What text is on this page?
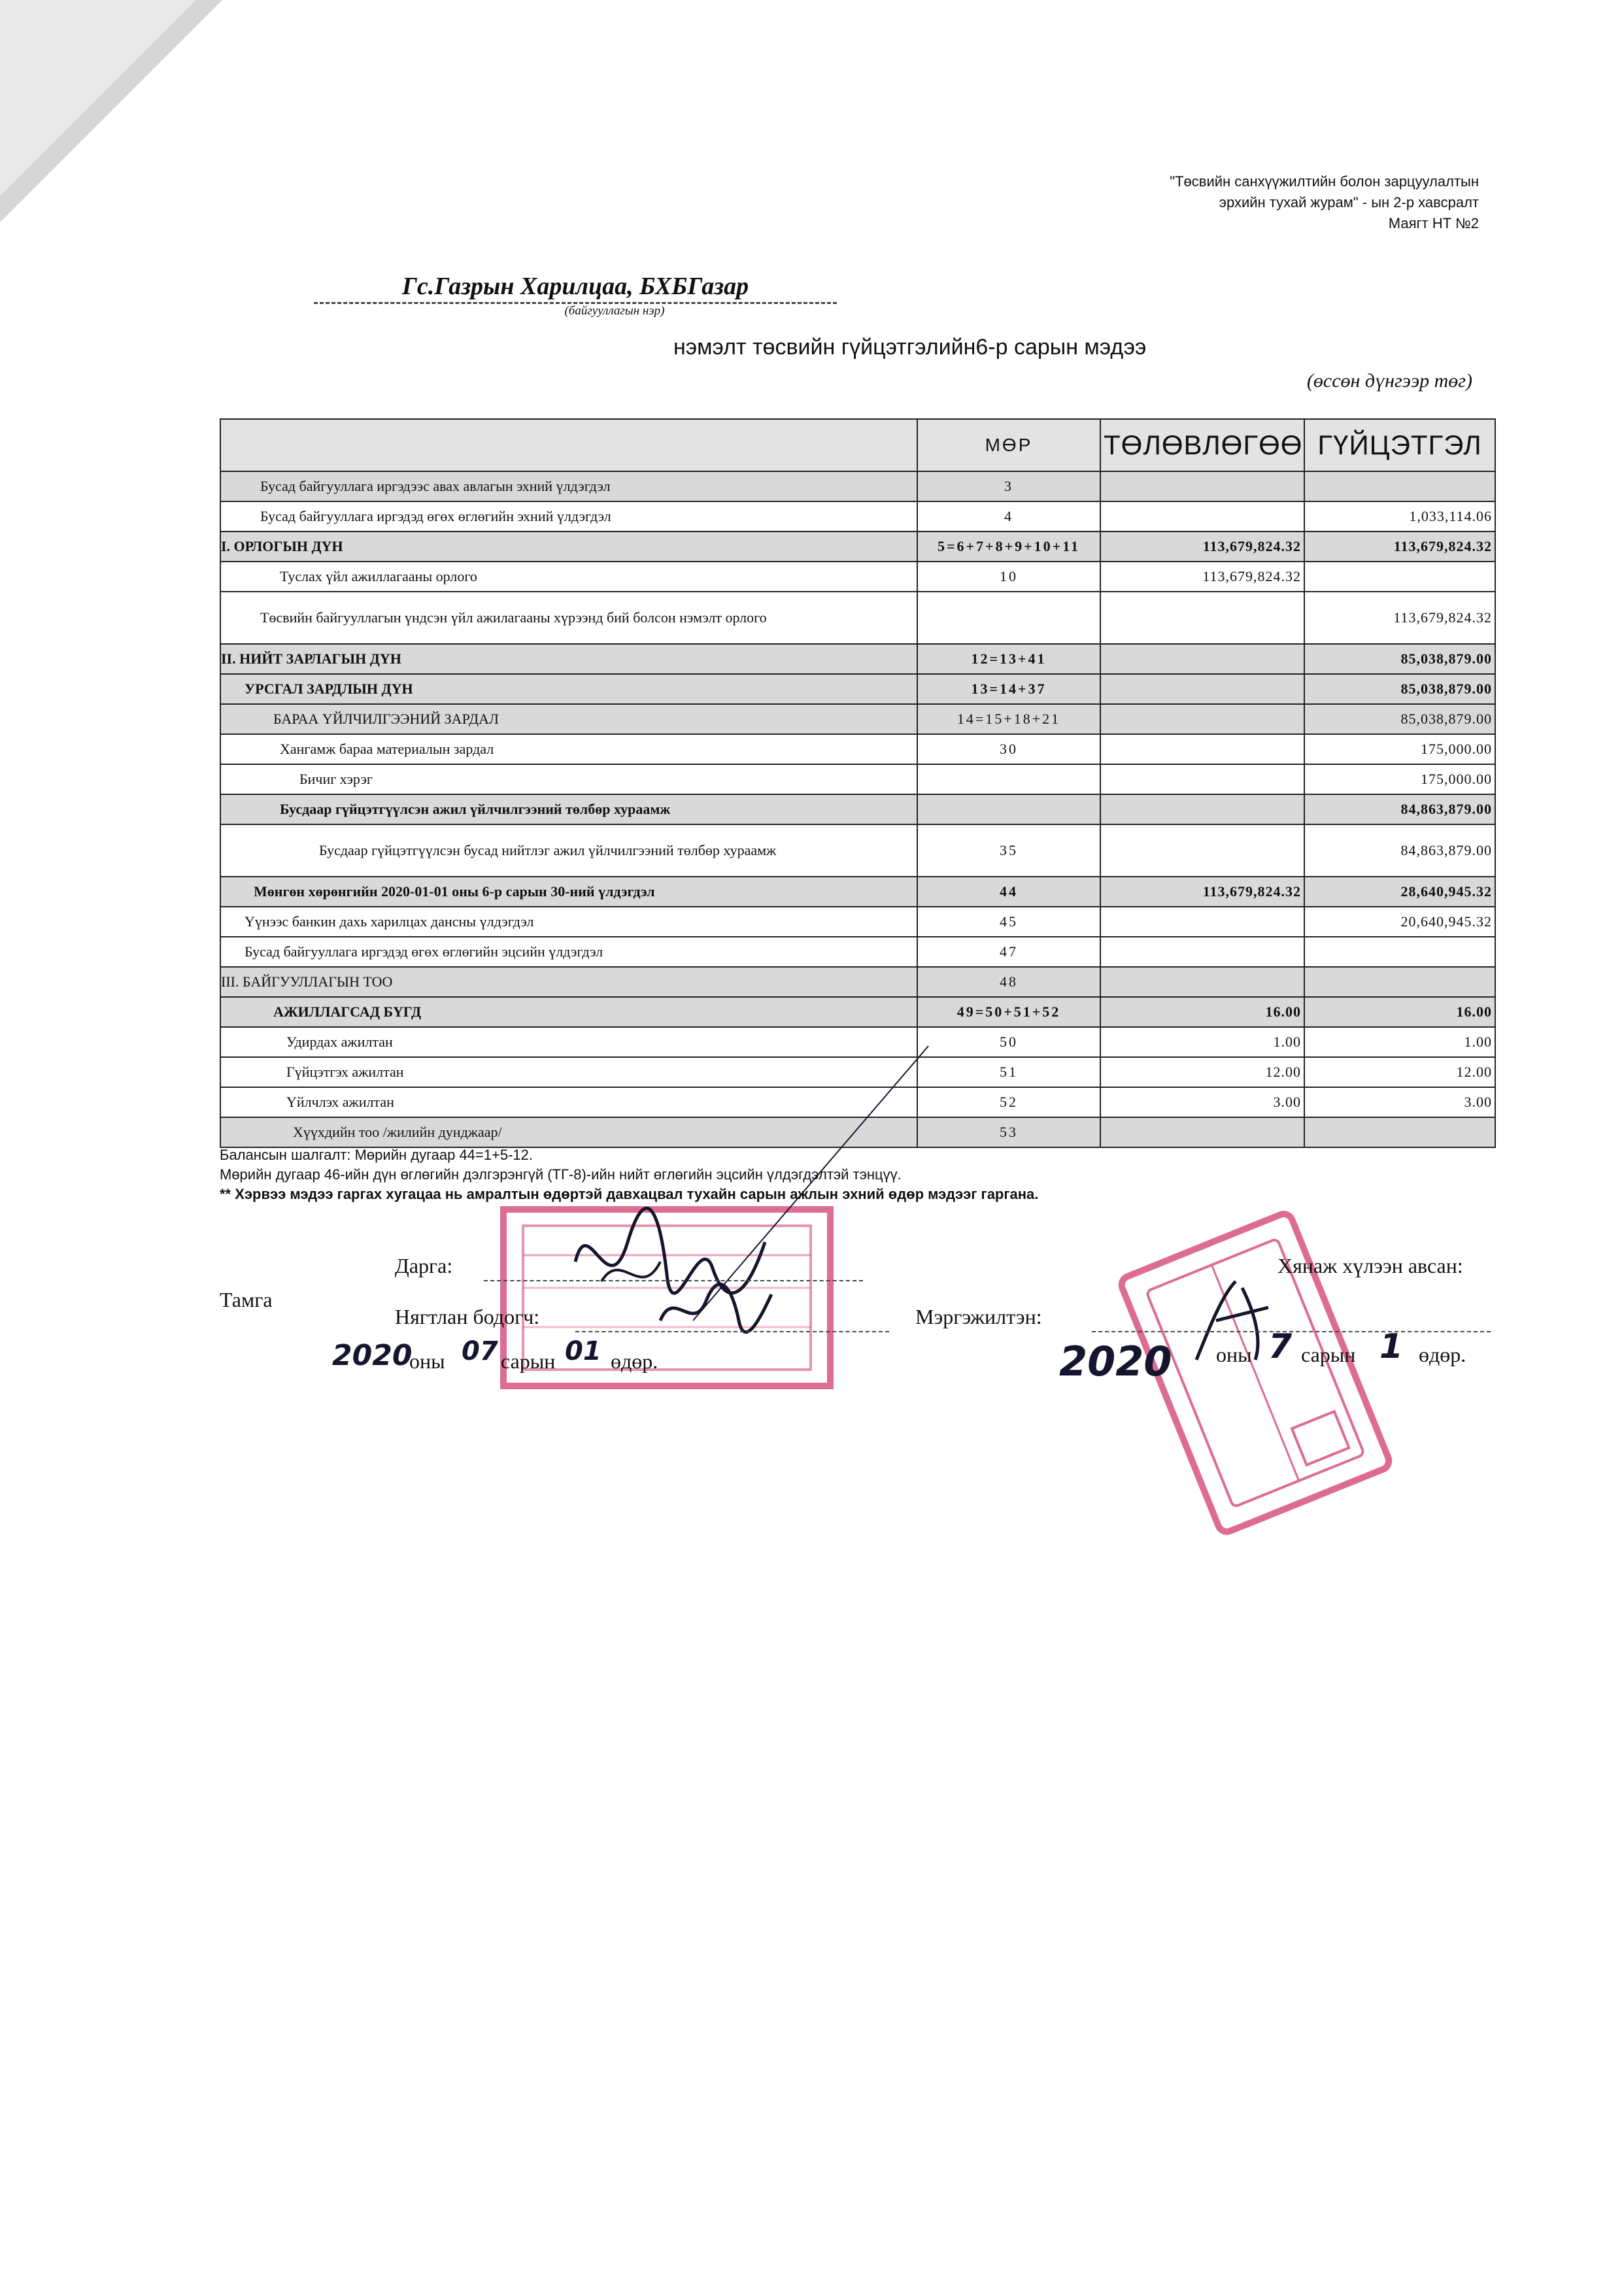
"Төсвийн санхүүжилтийн болон зарцуулалтын
эрхийн тухай журам" - ын 2-р хавсралт
Маягт НТ №2
Гс.Газрын Харилцаа, БХБГазар
(байгууллагын нэр)
нэмэлт төсвийн гүйцэтгэлийн6-р сарын мэдээ
(өссөн дүнгээр төг)
	МӨР	ТӨЛӨВЛӨГӨӨ	ГҮЙЦЭТГЭЛ
Бусад байгууллага иргэдээс авах авлагын эхний үлдэгдэл	3		
Бусад байгууллага иргэдэд өгөх өглөгийн эхний үлдэгдэл	4		1,033,114.06
I. ОРЛОГЫН ДҮН	5=6+7+8+9+10+11	113,679,824.32	113,679,824.32
Туслах үйл ажиллагааны орлого	10	113,679,824.32	
Төсвийн байгууллагын үндсэн үйл ажилагааны хүрээнд бий болсон нэмэлт орлого			113,679,824.32
II. НИЙТ ЗАРЛАГЫН ДҮН	12=13+41		85,038,879.00
УРСГАЛ ЗАРДЛЫН ДҮН	13=14+37		85,038,879.00
БАРАА ҮЙЛЧИЛГЭЭНИЙ ЗАРДАЛ	14=15+18+21		85,038,879.00
Хангамж бараа материалын зардал	30		175,000.00
Бичиг хэрэг			175,000.00
Бусдаар гүйцэтгүүлсэн ажил үйлчилгээний төлбөр хураамж			84,863,879.00
Бусдаар гүйцэтгүүлсэн бусад нийтлэг ажил үйлчилгээний төлбөр хураамж	35		84,863,879.00
Мөнгөн хөрөнгийн 2020-01-01 оны 6-р сарын 30-ний үлдэгдэл	44	113,679,824.32	28,640,945.32
Үүнээс банкин дахь харилцах дансны үлдэгдэл	45		20,640,945.32
Бусад байгууллага иргэдэд өгөх өглөгийн эцсийн үлдэгдэл	47		
III. БАЙГУУЛЛАГЫН ТОО	48		
АЖИЛЛАГСАД БҮГД	49=50+51+52	16.00	16.00
Удирдах ажилтан	50	1.00	1.00
Гүйцэтгэх ажилтан	51	12.00	12.00
Үйлчлэх ажилтан	52	3.00	3.00
Хүүхдийн тоо /жилийн дунджаар/	53		
Балансын шалгалт: Мөрийн дугаар 44=1+5-12.
Мөрийн дугаар 46-ийн дүн өглөгийн дэлгэрэнгүй (ТГ-8)-ийн нийт өглөгийн эцсийн үлдэгдэлтэй тэнцүү.
** Хэрвээ мэдээ гаргах хугацаа нь амралтын өдөртэй давхацвал тухайн сарын ажлын эхний өдөр мэдээг гаргана.
Тамга
Дарга:
Нягтлан бодогч:
Хянаж хүлээн авсан:
Мэргэжилтэн:
2020
оны 07 сарын 01 өдөр.	2020 оны 7 сарын 1 өдөр.
